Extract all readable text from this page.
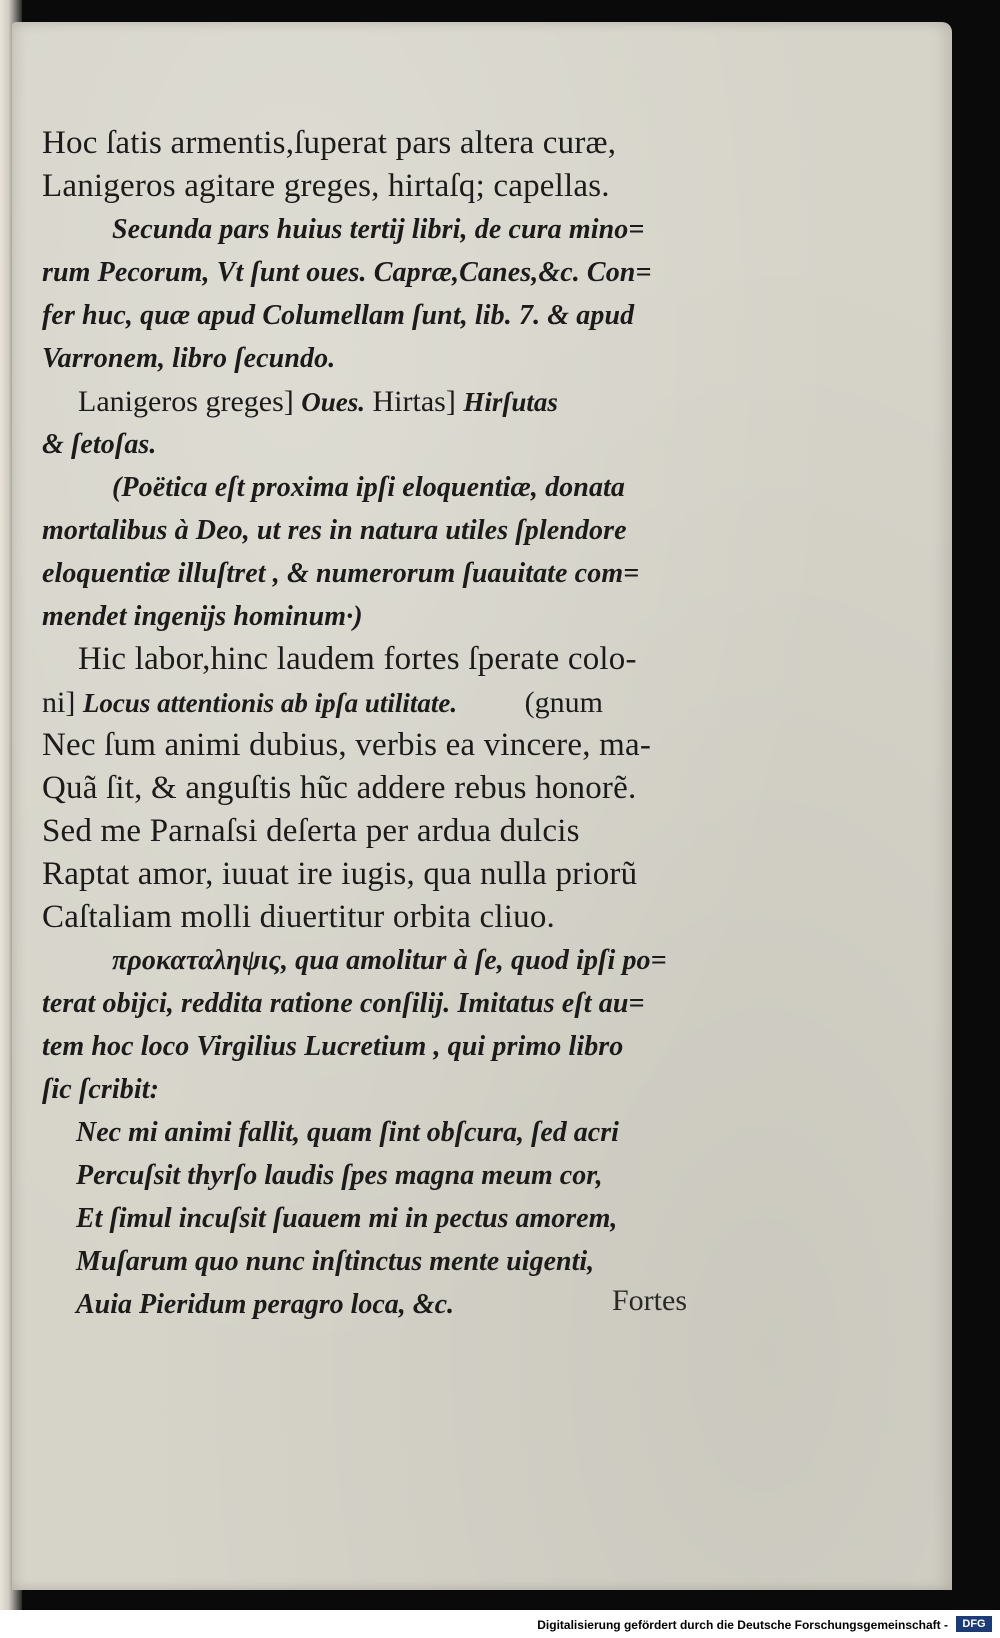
Hoc ſatis armentis,ſuperat pars altera curæ,
Lanigeros agitare greges, hirtaſq; capellas.
Secunda pars huius tertij libri, de cura mino=
rum Pecorum, Vt ſunt oues. Capræ,Canes,&c. Con=
fer huc, quæ apud Columellam ſunt, lib. 7. & apud
Varronem, libro ſecundo.
Lanigeros greges] Oues. Hirtas] Hirſutas
& ſetoſas.
(Poëtica eſt proxima ipſi eloquentiæ, donata
mortalibus à Deo, ut res in natura utiles ſplendore
eloquentiæ illuſtret , & numerorum ſuauitate com=
mendet ingenijs hominum·)
Hic labor,hinc laudem fortes ſperate colo-
ni] Locus attentionis ab ipſa utilitate. (gnum
Nec ſum animi dubius, verbis ea vincere, ma-
Quã ſit, & anguſtis hũc addere rebus honorẽ.
Sed me Parnaſsi deſerta per ardua dulcis
Raptat amor, iuuat ire iugis, qua nulla priorũ
Caſtaliam molli diuertitur orbita cliuo.
προκαταληψις, qua amolitur à ſe, quod ipſi po=
terat obijci, reddita ratione conſilij. Imitatus eſt au=
tem hoc loco Virgilius Lucretium , qui primo libro
ſic ſcribit:
Nec mi animi fallit, quam ſint obſcura, ſed acri
Percuſsit thyrſo laudis ſpes magna meum cor,
Et ſimul incuſsit ſuauem mi in pectus amorem,
Muſarum quo nunc inſtinctus mente uigenti,
Auia Pieridum peragro loca, &c.	Fortes
Digitalisierung gefördert durch die Deutsche Forschungsgemeinschaft -	DFG
